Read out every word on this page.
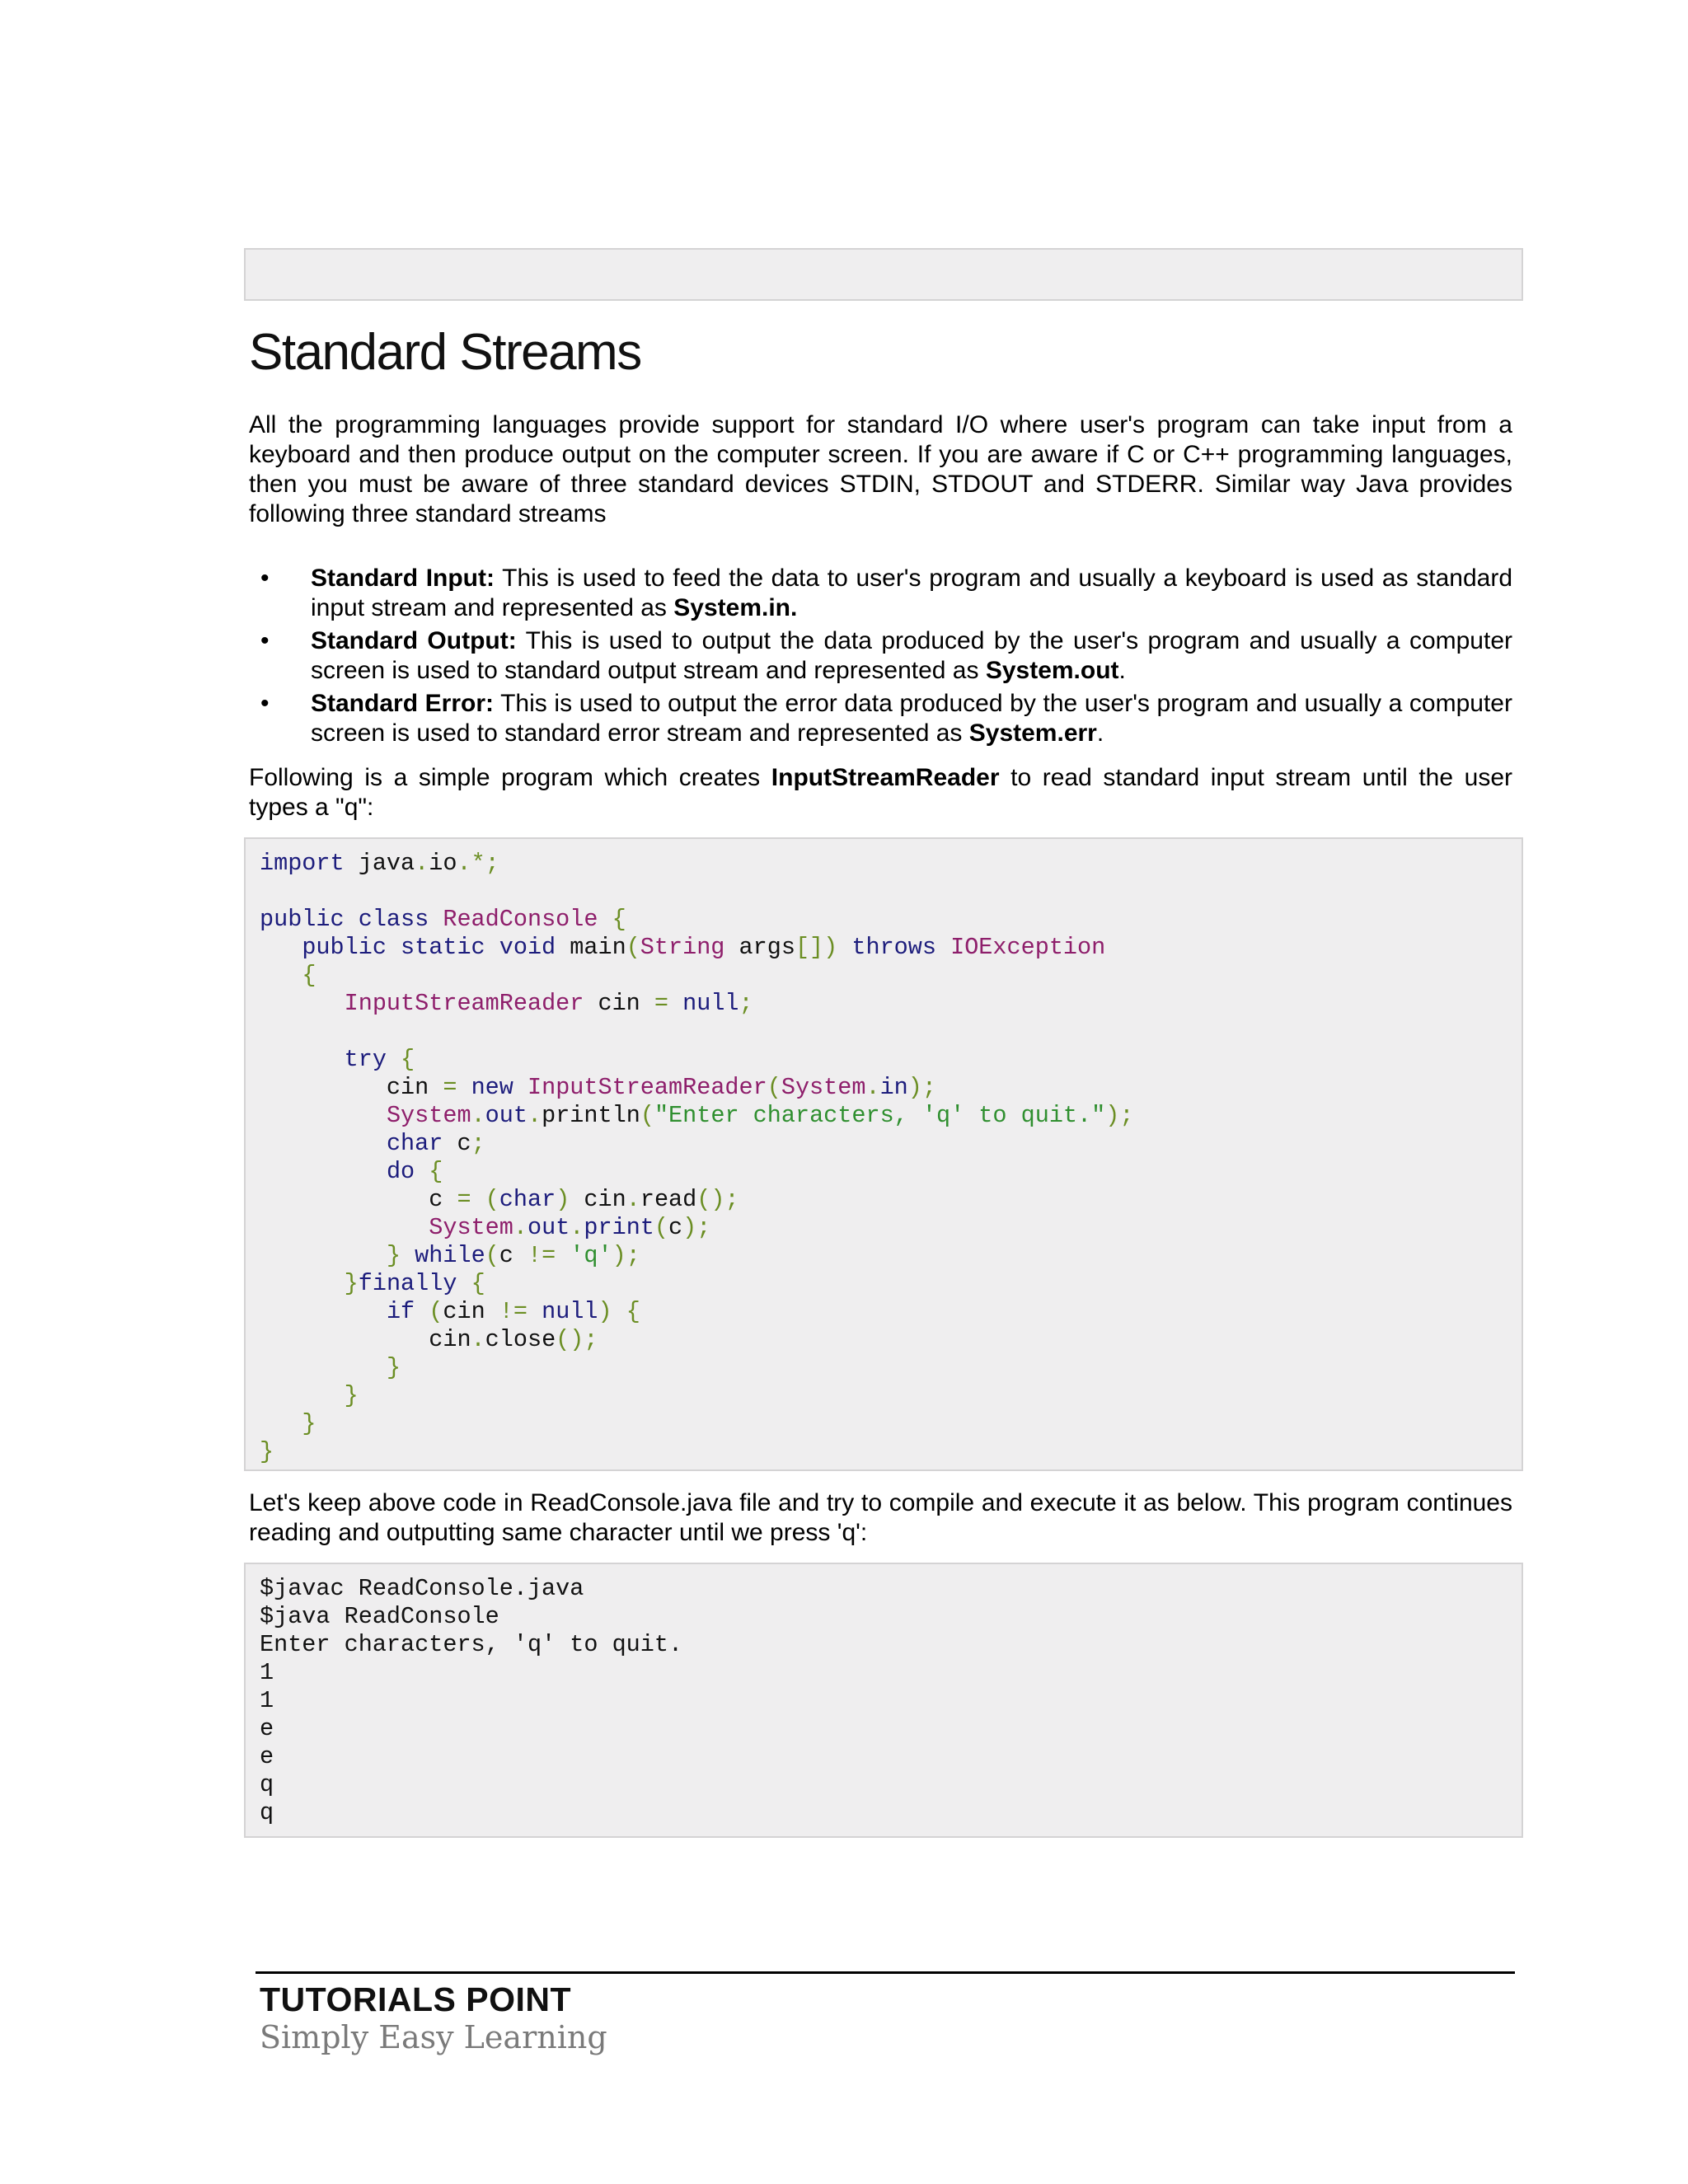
Standard Streams

All the programming languages provide support for standard I/O where user's program can take input from a keyboard and then produce output on the computer screen. If you are aware if C or C++ programming languages, then you must be aware of three standard devices STDIN, STDOUT and STDERR. Similar way Java provides following three standard streams

• Standard Input: This is used to feed the data to user's program and usually a keyboard is used as standard input stream and represented as System.in.
• Standard Output: This is used to output the data produced by the user's program and usually a computer screen is used to standard output stream and represented as System.out.
• Standard Error: This is used to output the error data produced by the user's program and usually a computer screen is used to standard error stream and represented as System.err.

Following is a simple program which creates InputStreamReader to read standard input stream until the user types a "q":

import java.io.*;
public class ReadConsole {
public static void main(String args[]) throws IOException
{
InputStreamReader cin = null;
try {
cin = new InputStreamReader(System.in);
System.out.println("Enter characters, 'q' to quit.");
char c;
do {
c = (char) cin.read();
System.out.print(c);
} while(c != 'q');
}finally {
if (cin != null) {
cin.close();
}
}
}
}

Let's keep above code in ReadConsole.java file and try to compile and execute it as below. This program continues reading and outputting same character until we press 'q':

$javac ReadConsole.java
$java ReadConsole
Enter characters, 'q' to quit.
1
1
e
e
q
q
TUTORIALS POINT
Simply Easy Learning
